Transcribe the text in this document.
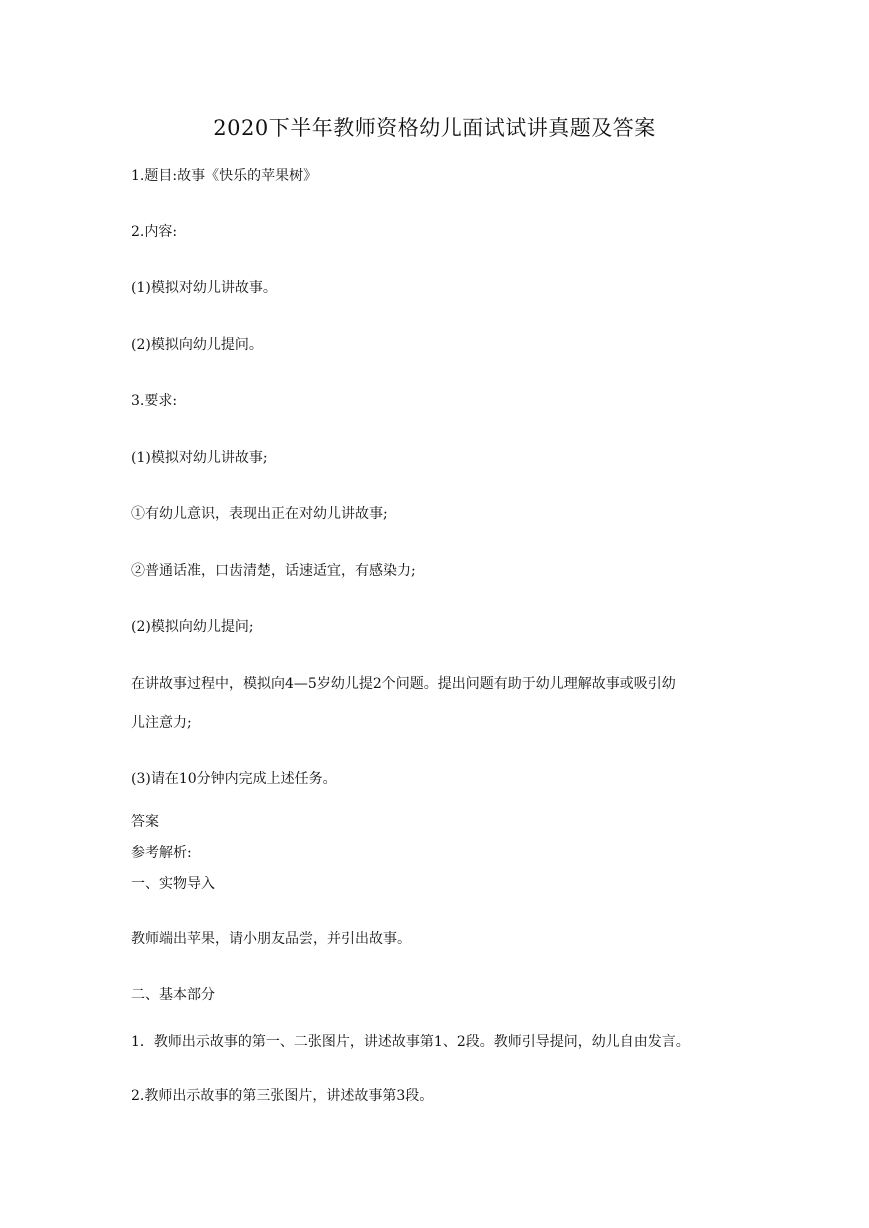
2020下半年教师资格幼儿面试试讲真题及答案
1.题目:故事《快乐的苹果树》
2.内容:
(1)模拟对幼儿讲故事。
(2)模拟向幼儿提问。
3.要求:
(1)模拟对幼儿讲故事;
①有幼儿意识，表现出正在对幼儿讲故事;
②普通话准，口齿清楚，话速适宜，有感染力;
(2)模拟向幼儿提问;
在讲故事过程中，模拟向4—5岁幼儿提2个问题。提出问题有助于幼儿理解故事或吸引幼
儿注意力;
(3)请在10分钟内完成上述任务。
答案
参考解析:
一、实物导入
教师端出苹果，请小朋友品尝，并引出故事。
二、基本部分
1．教师出示故事的第一、二张图片，讲述故事第1、2段。教师引导提问，幼儿自由发言。
2.教师出示故事的第三张图片，讲述故事第3段。
